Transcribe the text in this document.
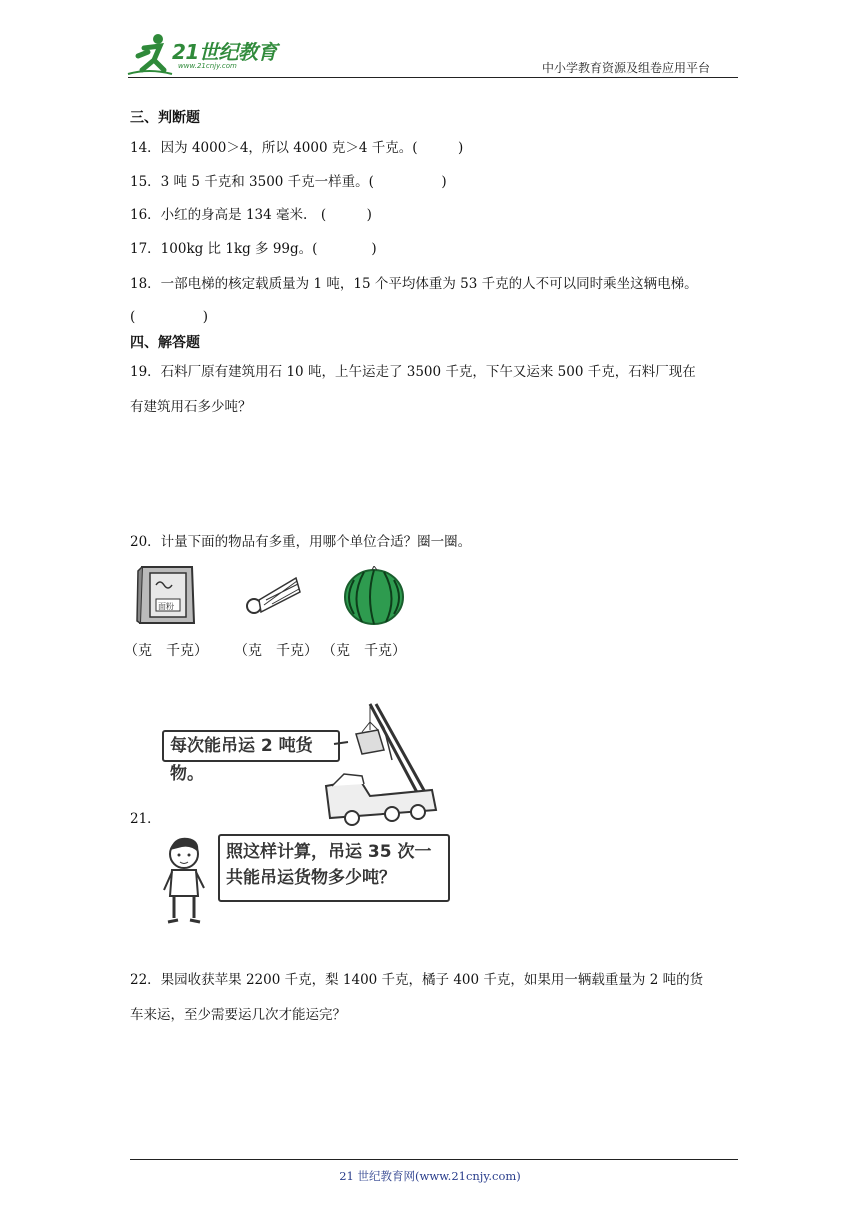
21世纪教育
www.21cnjy.com	中小学教育资源及组卷应用平台
三、判断题
14．因为 4000＞4，所以 4000 克＞4 千克。(　　　)
15．3 吨 5 千克和 3500 千克一样重。(　　　　　)
16．小红的身高是 134 毫米.　(　　　)
17．100kg 比 1kg 多 99g。(　　　　)
18．一部电梯的核定载质量为 1 吨，15 个平均体重为 53 千克的人不可以同时乘坐这辆电梯。
(　　　　　)
四、解答题
19．石料厂原有建筑用石 10 吨，上午运走了 3500 千克，下午又运来 500 千克，石料厂现在
有建筑用石多少吨？
20．计量下面的物品有多重，用哪个单位合适？圈一圈。
面粉
（克　千克） （克　千克） （克　千克）
21．
每次能吊运 2 吨货物。
照这样计算，吊运 35 次一
共能吊运货物多少吨？
22．果园收获苹果 2200 千克，梨 1400 千克，橘子 400 千克，如果用一辆载重量为 2 吨的货
车来运，至少需要运几次才能运完？
21 世纪教育网(www.21cnjy.com)
